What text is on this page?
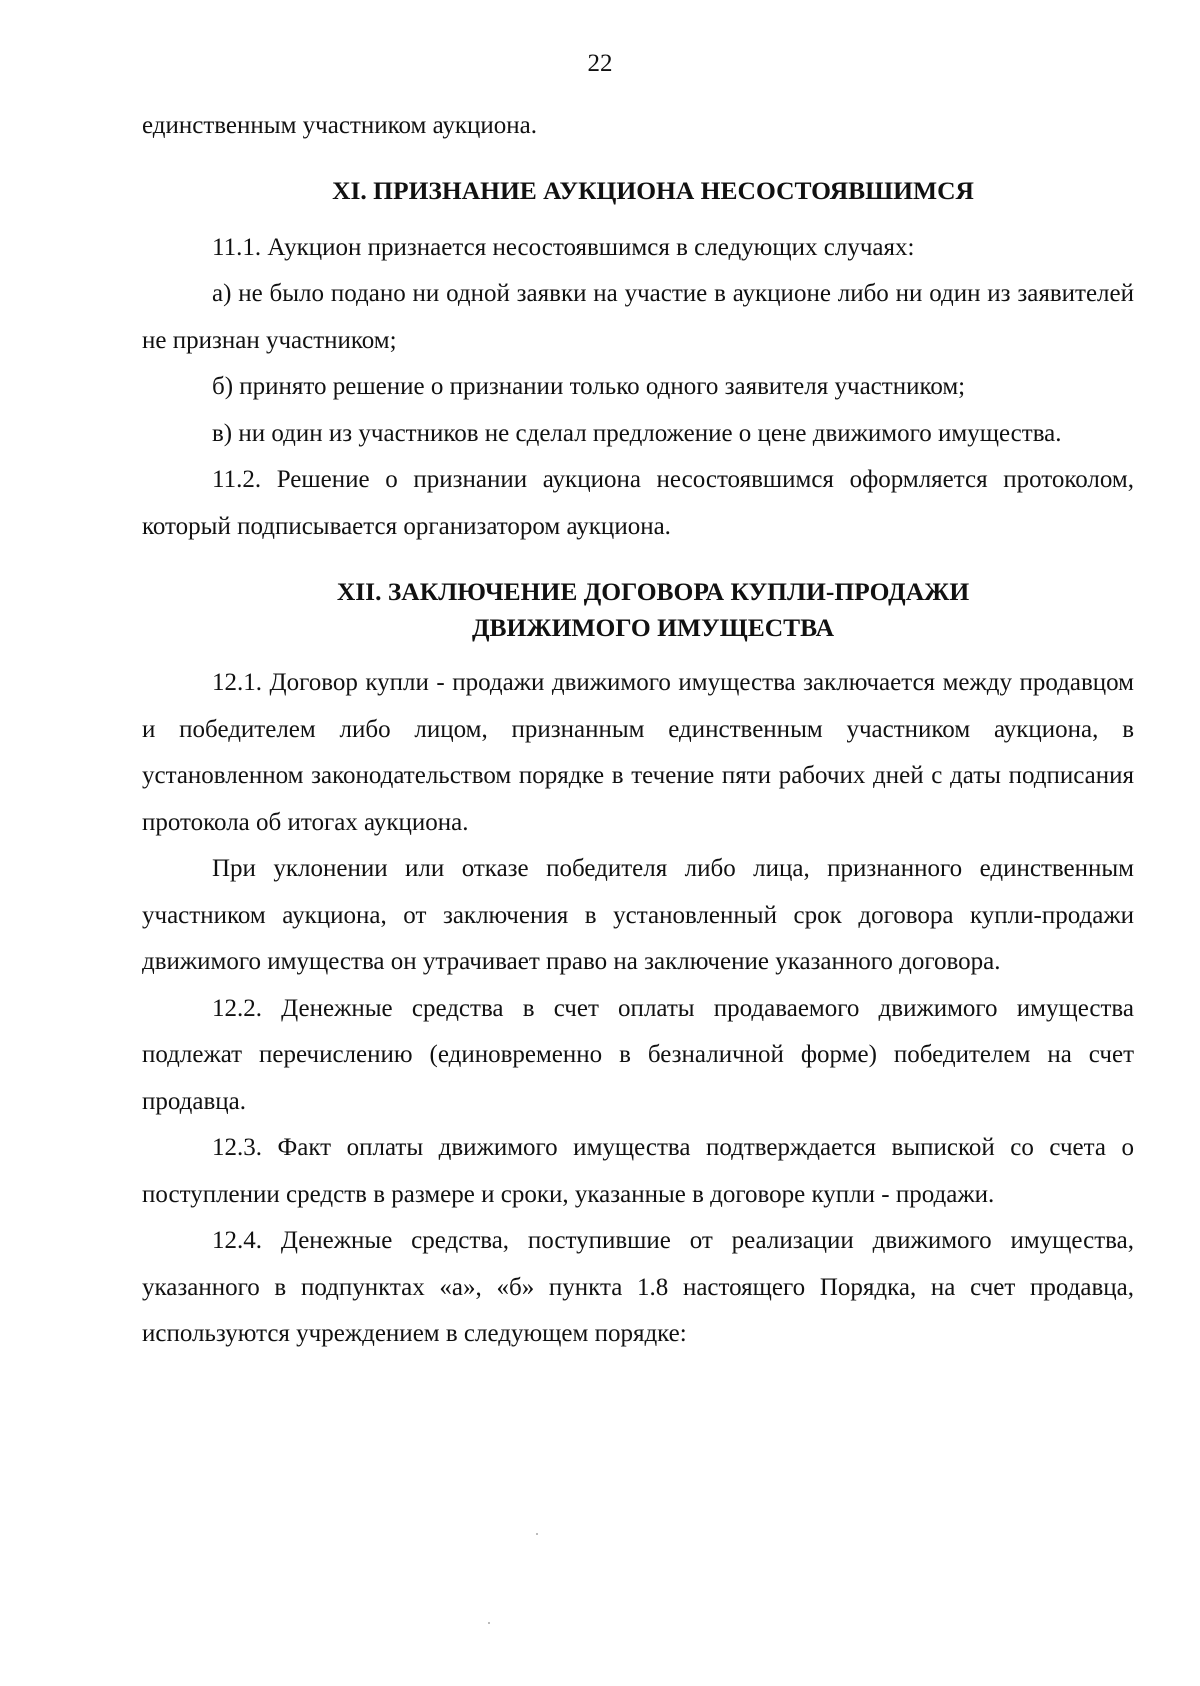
22

единственным участником аукциона.

XI. ПРИЗНАНИЕ АУКЦИОНА НЕСОСТОЯВШИМСЯ

11.1. Аукцион признается несостоявшимся в следующих случаях:

а) не было подано ни одной заявки на участие в аукционе либо ни один из заявителей не признан участником;

б) принято решение о признании только одного заявителя участником;

в) ни один из участников не сделал предложение о цене движимого имущества.

11.2. Решение о признании аукциона несостоявшимся оформляется протоколом, который подписывается организатором аукциона.

XII. ЗАКЛЮЧЕНИЕ ДОГОВОРА КУПЛИ-ПРОДАЖИ
ДВИЖИМОГО ИМУЩЕСТВА

12.1. Договор купли - продажи движимого имущества заключается между продавцом и победителем либо лицом, признанным единственным участником аукциона, в установленном законодательством порядке в течение пяти рабочих дней с даты подписания протокола об итогах аукциона.

При уклонении или отказе победителя либо лица, признанного единственным участником аукциона, от заключения в установленный срок договора купли-продажи движимого имущества он утрачивает право на заключение указанного договора.

12.2. Денежные средства в счет оплаты продаваемого движимого имущества подлежат перечислению (единовременно в безналичной форме) победителем на счет продавца.

12.3. Факт оплаты движимого имущества подтверждается выпиской со счета о поступлении средств в размере и сроки, указанные в договоре купли - продажи.

12.4. Денежные средства, поступившие от реализации движимого имущества, указанного в подпунктах «а», «б» пункта 1.8 настоящего Порядка, на счет продавца, используются учреждением в следующем порядке:
